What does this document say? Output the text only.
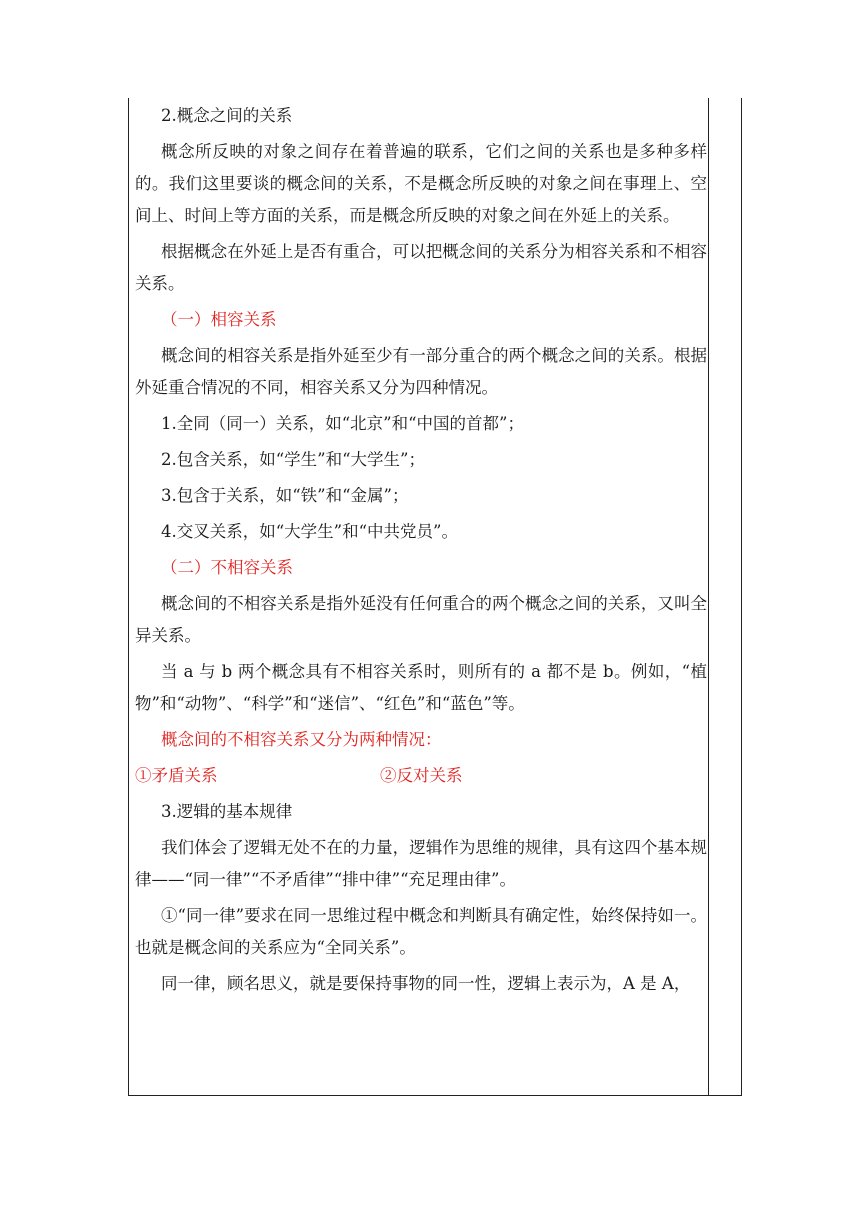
2.概念之间的关系

概念所反映的对象之间存在着普遍的联系，它们之间的关系也是多种多样的。我们这里要谈的概念间的关系，不是概念所反映的对象之间在事理上、空间上、时间上等方面的关系，而是概念所反映的对象之间在外延上的关系。

根据概念在外延上是否有重合，可以把概念间的关系分为相容关系和不相容关系。

（一）相容关系

概念间的相容关系是指外延至少有一部分重合的两个概念之间的关系。根据外延重合情况的不同，相容关系又分为四种情况。

1.全同（同一）关系，如“北京”和“中国的首都”；

2.包含关系，如“学生”和“大学生”；

3.包含于关系，如“铁”和“金属”；

4.交叉关系，如“大学生”和“中共党员”。

（二）不相容关系

概念间的不相容关系是指外延没有任何重合的两个概念之间的关系，又叫全异关系。

当 a 与 b 两个概念具有不相容关系时，则所有的 a 都不是 b。例如，“植物”和“动物”、“科学”和“迷信”、“红色”和“蓝色”等。

概念间的不相容关系又分为两种情况：

①矛盾关系	②反对关系

3.逻辑的基本规律

我们体会了逻辑无处不在的力量，逻辑作为思维的规律，具有这四个基本规律——“同一律”“不矛盾律”“排中律”“充足理由律”。

①“同一律”要求在同一思维过程中概念和判断具有确定性，始终保持如一。也就是概念间的关系应为“全同关系”。

同一律，顾名思义，就是要保持事物的同一性，逻辑上表示为，A 是 A，
